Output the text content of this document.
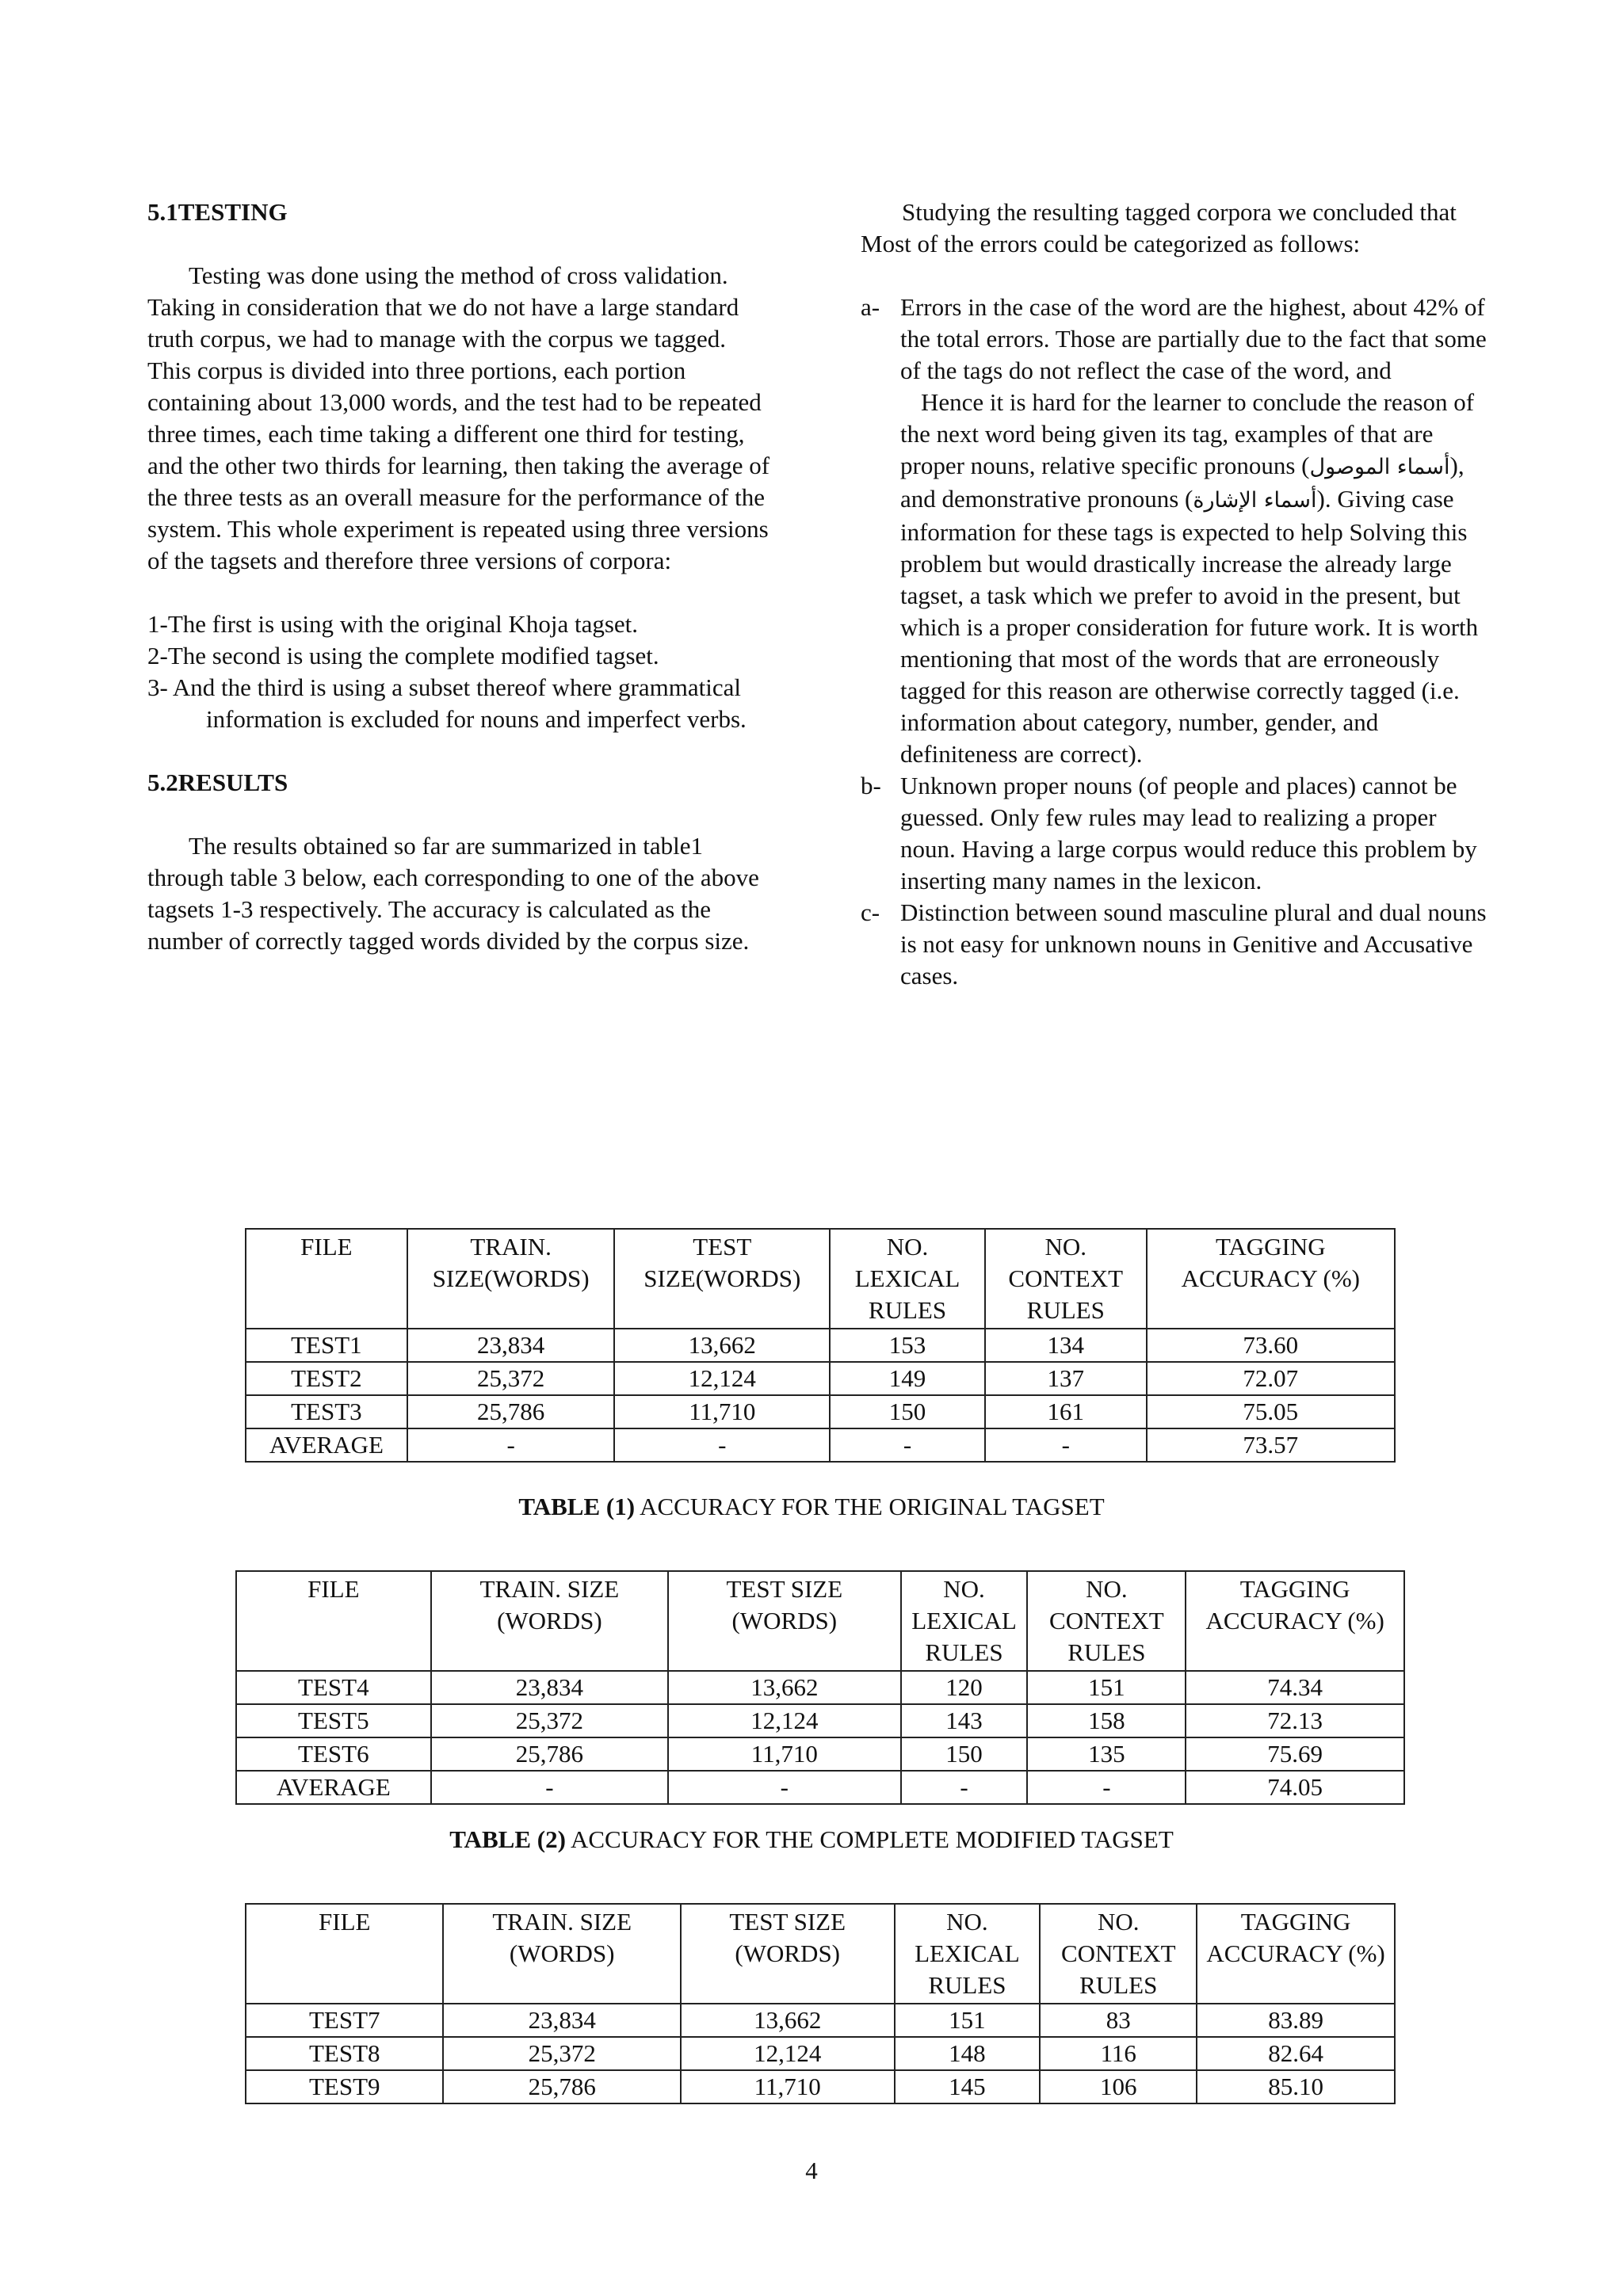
5.1TESTING

Testing was done using the method of cross validation. Taking in consideration that we do not have a large standard truth corpus, we had to manage with the corpus we tagged. This corpus is divided into three portions, each portion containing about 13,000 words, and the test had to be repeated three times, each time taking a different one third for testing, and the other two thirds for learning, then taking the average of the three tests as an overall measure for the performance of the system. This whole experiment is repeated using three versions of the tagsets and therefore three versions of corpora:

1-The first is using with the original Khoja tagset.

2-The second is using the complete modified tagset.

3- And the third is using a subset thereof where grammatical information is excluded for nouns and imperfect verbs.

5.2RESULTS

The results obtained so far are summarized in table1 through table 3 below, each corresponding to one of the above tagsets 1-3 respectively. The accuracy is calculated as the number of correctly tagged words divided by the corpus size.

Studying the resulting tagged corpora we concluded that Most of the errors could be categorized as follows:

a- Errors in the case of the word are the highest, about 42% of the total errors. Those are partially due to the fact that some of the tags do not reflect the case of the word, and

Hence it is hard for the learner to conclude the reason of the next word being given its tag, examples of that are proper nouns, relative specific pronouns (أسماء الموصول), and demonstrative pronouns (أسماء الإشارة). Giving case information for these tags is expected to help Solving this problem but would drastically increase the already large tagset, a task which we prefer to avoid in the present, but which is a proper consideration for future work. It is worth mentioning that most of the words that are erroneously tagged for this reason are otherwise correctly tagged (i.e. information about category, number, gender, and definiteness are correct).

b- Unknown proper nouns (of people and places) cannot be guessed. Only few rules may lead to realizing a proper noun. Having a large corpus would reduce this problem by inserting many names in the lexicon.

c- Distinction between sound masculine plural and dual nouns is not easy for unknown nouns in Genitive and Accusative cases.

FILE	TRAIN. SIZE(WORDS)	TEST SIZE(WORDS)	NO. LEXICAL RULES	NO. CONTEXT RULES	TAGGING ACCURACY (%)
TEST1	23,834	13,662	153	134	73.60
TEST2	25,372	12,124	149	137	72.07
TEST3	25,786	11,710	150	161	75.05
AVERAGE	-	-	-	-	73.57

TABLE (1) ACCURACY FOR THE ORIGINAL TAGSET

FILE	TRAIN. SIZE (WORDS)	TEST SIZE (WORDS)	NO. LEXICAL RULES	NO. CONTEXT RULES	TAGGING ACCURACY (%)
TEST4	23,834	13,662	120	151	74.34
TEST5	25,372	12,124	143	158	72.13
TEST6	25,786	11,710	150	135	75.69
AVERAGE	-	-	-	-	74.05

TABLE (2) ACCURACY FOR THE COMPLETE MODIFIED TAGSET

FILE	TRAIN. SIZE (WORDS)	TEST SIZE (WORDS)	NO. LEXICAL RULES	NO. CONTEXT RULES	TAGGING ACCURACY (%)
TEST7	23,834	13,662	151	83	83.89
TEST8	25,372	12,124	148	116	82.64
TEST9	25,786	11,710	145	106	85.10

4
